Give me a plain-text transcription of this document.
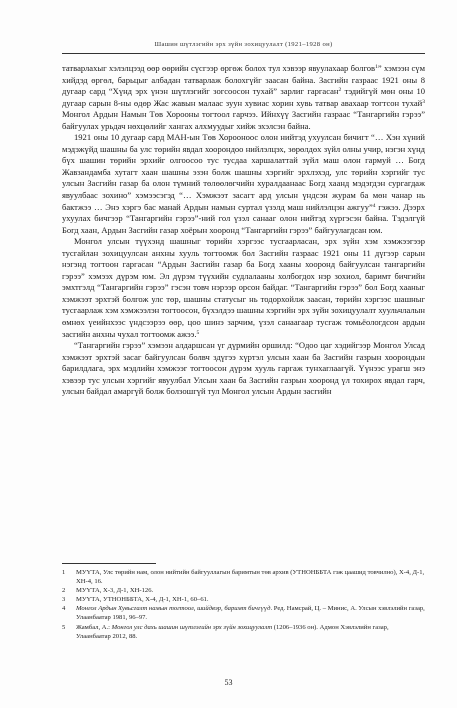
Шашин шүтлэгийн эрх зүйн зохицуулалт (1921–1928 он)

татварлахыг хэлэлцээд өөр өөрийн сүсгээр өргөж болох тул хэвээр явуулахаар болгов$^1$” хэмээн сүм хийдэд өргөл, барьцыг албадан татварлаж болохгүйг заасан байна. Засгийн газраас 1921 оны 8 дугаар сард “Хүнд эрх үнэн шүтлэгийг зогсоосон тухай” зарлиг гаргасан$^2$ тэдийгүй мөн оны 10 дугаар сарын 8-ны өдөр Жас жавын малаас зуун хувиас хорин хувь татвар авахаар тогтсон тухай$^3$ Монгол Ардын Намын Төв Хорооны тогтоол гарчээ. Ийнхүү Засгийн газраас “Тангаргийн гэрээ” байгуулах урьдач нөхцөлийг хангах алхмуудыг хийж эхэлсэн байна.

1921 оны 10 дугаар сард МАН-ын Төв Хорооноос олон нийтэд ухуулсан бичигт “… Хэн хүний мэдэжүйд шашны ба улс төрийн явдал хоорондоо нийлэлцэх, зөрөлдөх зүйл олны учир, нэгэн хүнд бүх шашин төрийн эрхийг олгоосоо тус тусдаа харшалаттай зүйл маш олон гармуй … Богд Жавзандамба хутагт хаан шашны эзэн болж шашны хэргийг эрхлэхэд, улс төрийн хэргийг тус улсын Засгийн газар ба олон түмний төлөөлөгчийн хуралдаанаас Богд хаанд мэдэгдэн сургагдаж явуулбаас зохино” хэмээсэгэд “… Хэмжээт засагт ард улсын үндсэн журам ба мөн чанар нь бактжээ … Энэ хэргэ бас манай Ардын намын суртал үзэлд маш нийлэлцэн ажгуу”$^4$ гэжээ. Дээрх ухуулах бичгээр “Тангаргийн гэрээ”-ний гол үзэл санааг олон нийтэд хүргэсэн байна. Тэдэлгүй Богд хаан, Ардын Засгийн газар хоёрын хооронд “Тангаргийн гэрээ” байгуулагдсан юм.

Монгол улсын түүхэнд шашныг төрийн хэргээс тусгаарласан, эрх зүйн хэм хэмжээгээр тусгайлан зохицуулсан анхны хууль тогтоомж бол Засгийн газраас 1921 оны 11 дүгээр сарын нэгэнд тогтоон гаргасан “Ардын Засгийн газар ба Богд хааны хооронд байгуулсан тангаргийн гэрээ” хэмээх дүрэм юм. Эл дүрэм түүхийн судлалааны холбогдох нэр зохиол, баримт бичгийн эмхтгэлд “Тангаргийн гэрээ” гэсэн товч нэрээр орсон байдаг. “Тангаргийн гэрээ” бол Богд хааныг хэмжээт эрхтэй болгож улс төр, шашны статусыг нь тодорхойлж заасан, төрийн хэргээс шашныг тусгаарлаж хэм хэмжээлэн тогтоосон, бүхэлдээ шашны хэргийн эрх зүйн зохицуулалт хуульчлалын өмнөх үеийнхээс үндсээрээ өөр, цоо шинэ зарчим, үзэл санаагаар тусгаж томьёологдсон ардын засгийн анхны чухал тогтоомж ажээ.$^5$

“Тангаргийн гэрээ” хэмээн алдаршсан үг дүрмийн оршилд: “Одоо цаг хэдийгээр Монгол Улсад хэмжээт эрхтэй засаг байгуулсан болвч здүгээ хүртэл улсын хаан ба Засгийн газрын хоорондын барилдлага, эрх мэдлийн хэмжээг тогтоосон дүрэм хууль гаргаж тунхаглаагүй. Үүнээс урагш энэ хэвээр тус улсын хэргийг явуулбал Улсын хаан ба Засгийн газрын хооронд үл тохирох явдал гарч, улсын байдал амаргүй болж болзошгүй тул Монгол улсын Ардын засгийн

1	МУҮТА, Улс төрийн нам, олон нийтийн байгууллагын баримтын төв архив (УТНОНББТА гэж цаашид товчилно), Х-4, Д-1, ХН-4, 16.
2	МУҮТА, Х-3, Д-1, ХН-126.
3	МУҮТА, УТНОНББТА, Х-4, Д-1, ХН-1, 60–61.
4	Монгол Ардын Хувьсгалт намын тогтоол, шийдвэр, баримт бичгүүд. Ред. Намсрай, Ц. – Минис, А. Улсын хэвлэлийн газар, Улаанбаатар 1981, 96–97.
5	Жамбал, А.: Монгол улс дахь шашин шүтлэгийн эрх зүйн зохицуулалт (1206–1936 он). Адмон Хэвлэлийн газар, Улаанбаатар 2012, 88.
53
